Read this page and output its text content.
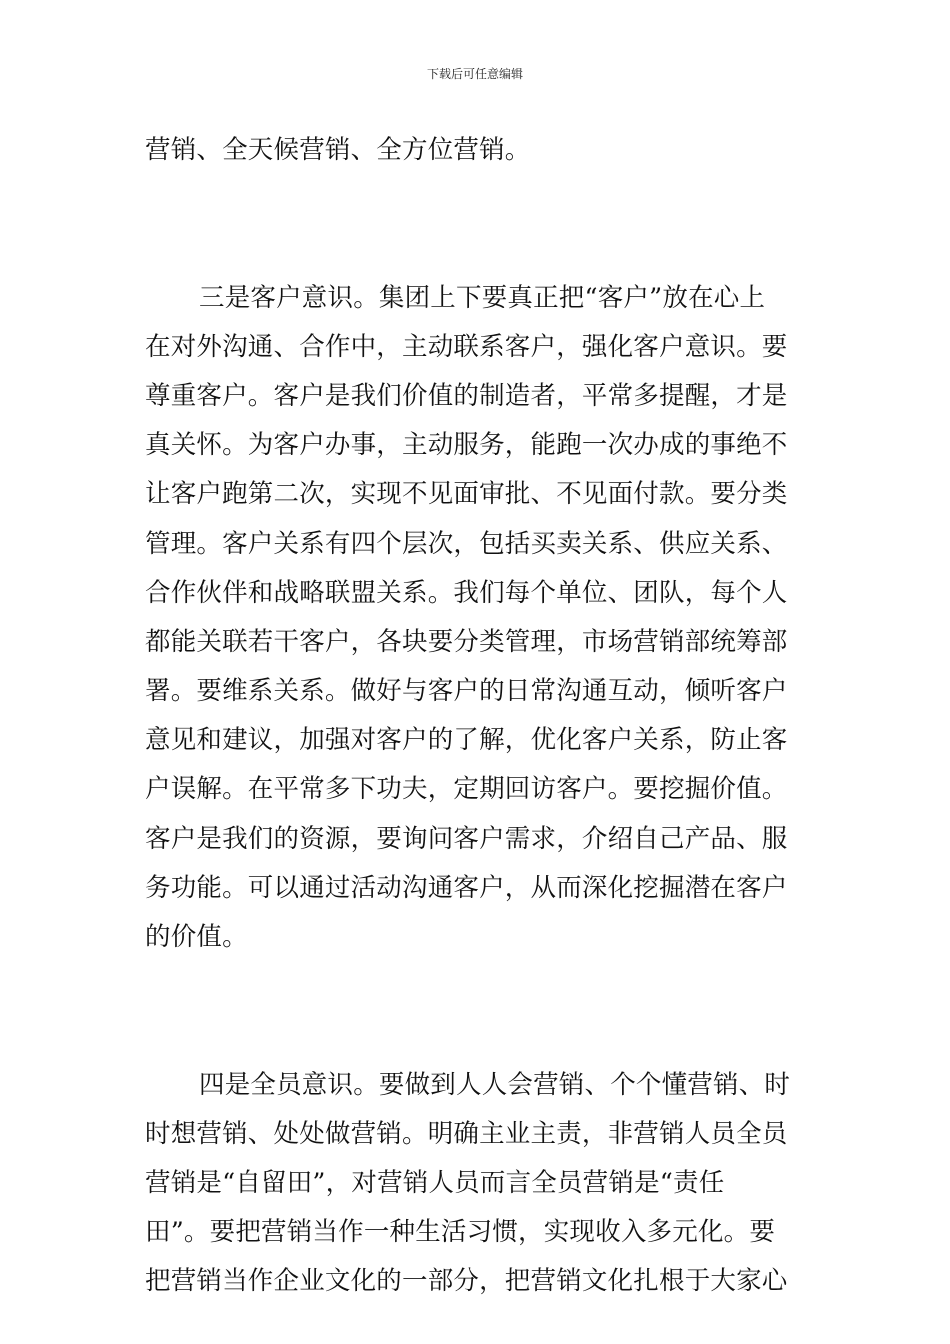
下载后可任意编辑
营销、全天候营销、全方位营销。
三是客户意识。集团上下要真正把“客户”放在心上
在对外沟通、合作中，主动联系客户，强化客户意识。要
尊重客户。客户是我们价值的制造者，平常多提醒，才是
真关怀。为客户办事，主动服务，能跑一次办成的事绝不
让客户跑第二次，实现不见面审批、不见面付款。要分类
管理。客户关系有四个层次，包括买卖关系、供应关系、
合作伙伴和战略联盟关系。我们每个单位、团队，每个人
都能关联若干客户，各块要分类管理，市场营销部统筹部
署。要维系关系。做好与客户的日常沟通互动，倾听客户
意见和建议，加强对客户的了解，优化客户关系，防止客
户误解。在平常多下功夫，定期回访客户。要挖掘价值。
客户是我们的资源，要询问客户需求，介绍自己产品、服
务功能。可以通过活动沟通客户，从而深化挖掘潜在客户
的价值。
四是全员意识。要做到人人会营销、个个懂营销、时
时想营销、处处做营销。明确主业主责，非营销人员全员
营销是“自留田”，对营销人员而言全员营销是“责任
田”。要把营销当作一种生活习惯，实现收入多元化。要
把营销当作企业文化的一部分，把营销文化扎根于大家心
